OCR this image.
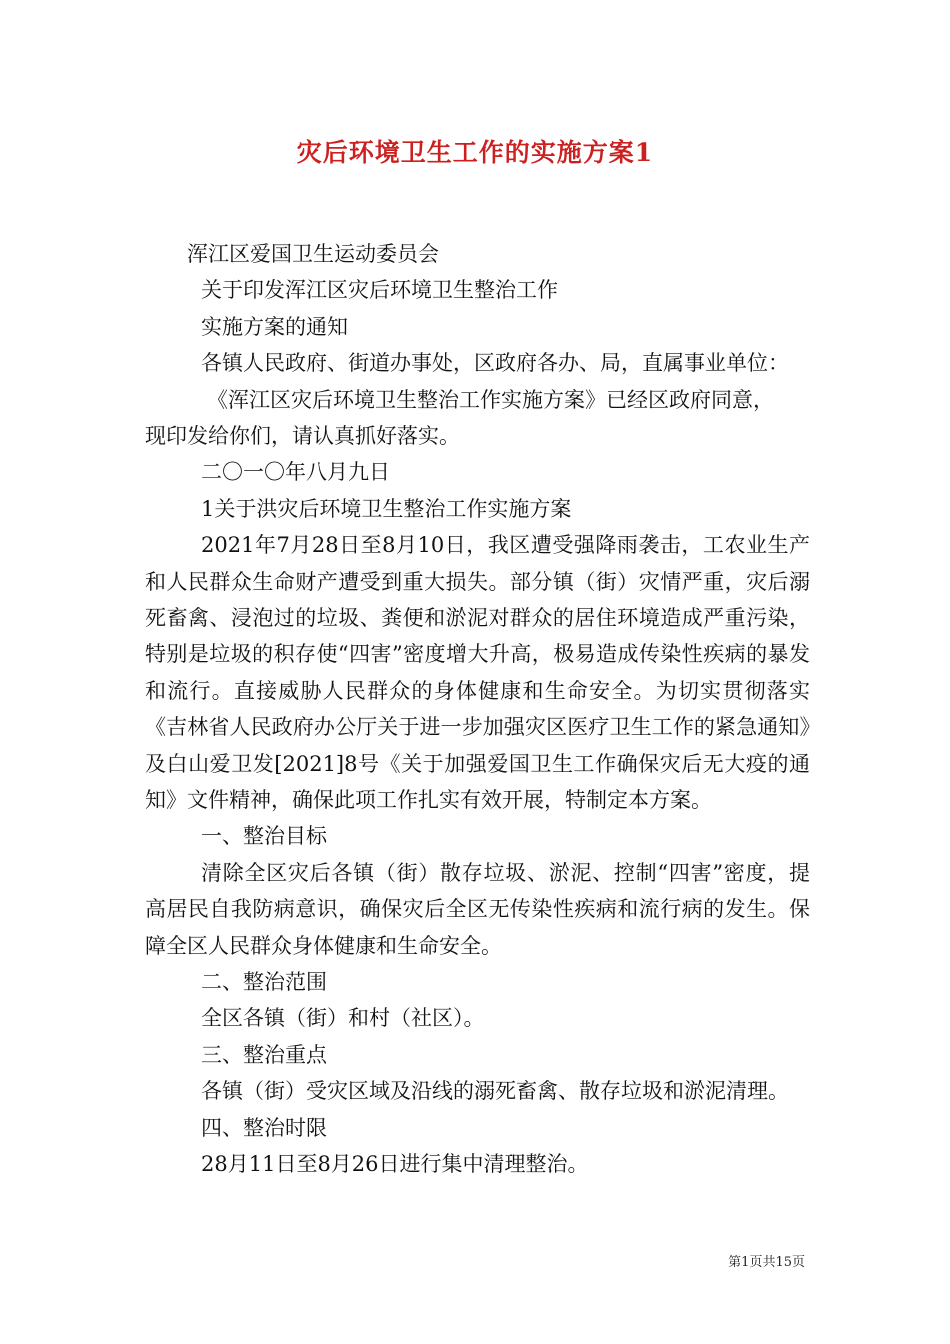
灾后环境卫生工作的实施方案1
浑江区爱国卫生运动委员会
关于印发浑江区灾后环境卫生整治工作
实施方案的通知
各镇人民政府、街道办事处，区政府各办、局，直属事业单位：
《浑江区灾后环境卫生整治工作实施方案》已经区政府同意，
现印发给你们，请认真抓好落实。
二〇一〇年八月九日
1关于洪灾后环境卫生整治工作实施方案
2021年7月28日至8月10日，我区遭受强降雨袭击，工农业生产和人民群众生命财产遭受到重大损失。部分镇（街）灾情严重，灾后溺死畜禽、浸泡过的垃圾、粪便和淤泥对群众的居住环境造成严重污染，特别是垃圾的积存使“四害”密度增大升高，极易造成传染性疾病的暴发和流行。直接威胁人民群众的身体健康和生命安全。为切实贯彻落实《吉林省人民政府办公厅关于进一步加强灾区医疗卫生工作的紧急通知》及白山爱卫发[2021]8号《关于加强爱国卫生工作确保灾后无大疫的通知》文件精神，确保此项工作扎实有效开展，特制定本方案。
一、整治目标
清除全区灾后各镇（街）散存垃圾、淤泥、控制“四害”密度，提高居民自我防病意识，确保灾后全区无传染性疾病和流行病的发生。保障全区人民群众身体健康和生命安全。
二、整治范围
全区各镇（街）和村（社区）。
三、整治重点
各镇（街）受灾区域及沿线的溺死畜禽、散存垃圾和淤泥清理。
四、整治时限
28月11日至8月26日进行集中清理整治。
第1页共15页
